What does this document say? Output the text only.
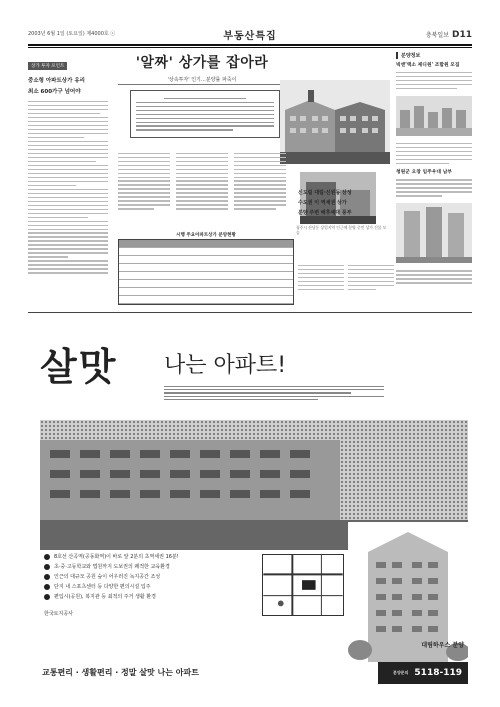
2003년 6월 1일 (토요일) 제4000호 ⓒ	부동산특집	충북일보 D11
상가 투자 포인트
중소형 아파트상가 유리
최소 600가구 넘어야
'알짜' 상가를 잡아라
'상속투자' 인기…분양률 파죽이
청주시 산남동 상업지역 인근에 분양 중인 상가 건물 모습
시행 주요아파트상가 분양현황
신도림 대림·신원동 삼성 수도권 이 역세권 상가 분양 주변 배후세대 풍부
분양정보
빅앤'액소 제디원' 조합원 모집
청원군 오창 임주우대 남부
살맛 나는 아파트!
8호선 산곡역(공동화역)이 바로 앞 2분의 초역세권 16분!
초·중·고등학교와 법원까지 도보권의 쾌적한 교육환경
인근의 대규모 공원 숲이 어우러진 녹지공간 조성
단지 내 스포츠센터 등 다양한 편의시설 입주
편입시(공원), 복지관 등 최적의 주거 생활 환경
한국토지공사
대림하우스 분양
교통편리 · 생활편리 · 정말 살맛 나는 아파트	분양문의 5118-119
